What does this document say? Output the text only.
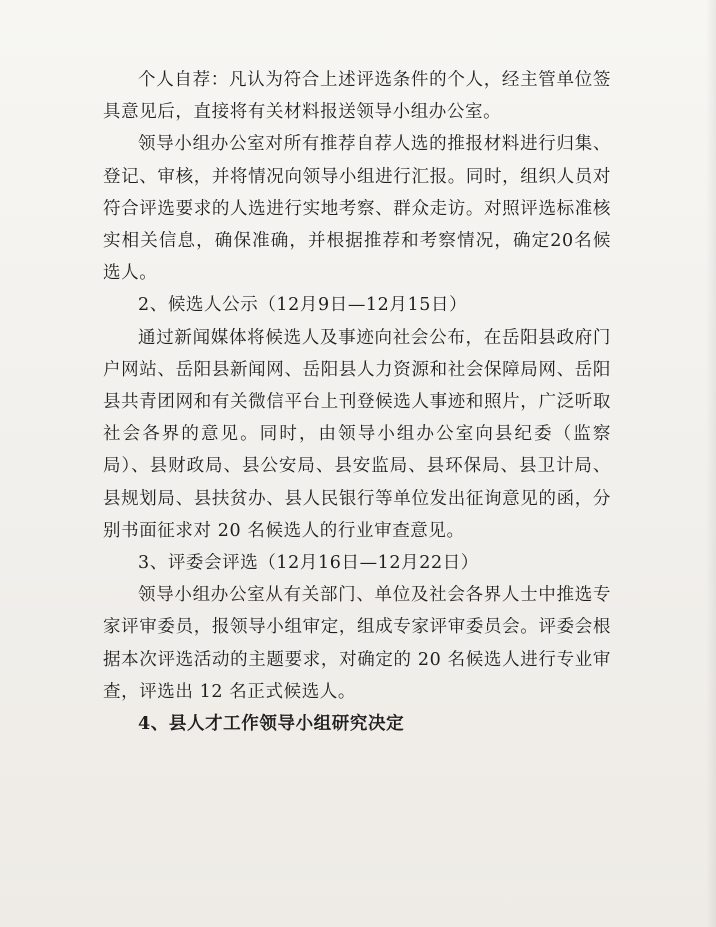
个人自荐：凡认为符合上述评选条件的个人，经主管单位签具意见后，直接将有关材料报送领导小组办公室。

领导小组办公室对所有推荐自荐人选的推报材料进行归集、登记、审核，并将情况向领导小组进行汇报。同时，组织人员对符合评选要求的人选进行实地考察、群众走访。对照评选标准核实相关信息，确保准确，并根据推荐和考察情况，确定20名候选人。

2、候选人公示（12月9日—12月15日）

通过新闻媒体将候选人及事迹向社会公布，在岳阳县政府门户网站、岳阳县新闻网、岳阳县人力资源和社会保障局网、岳阳县共青团网和有关微信平台上刊登候选人事迹和照片，广泛听取社会各界的意见。同时，由领导小组办公室向县纪委（监察局）、县财政局、县公安局、县安监局、县环保局、县卫计局、县规划局、县扶贫办、县人民银行等单位发出征询意见的函，分别书面征求对 20 名候选人的行业审查意见。

3、评委会评选（12月16日—12月22日）

领导小组办公室从有关部门、单位及社会各界人士中推选专家评审委员，报领导小组审定，组成专家评审委员会。评委会根据本次评选活动的主题要求，对确定的 20 名候选人进行专业审查，评选出 12 名正式候选人。

4、县人才工作领导小组研究决定
